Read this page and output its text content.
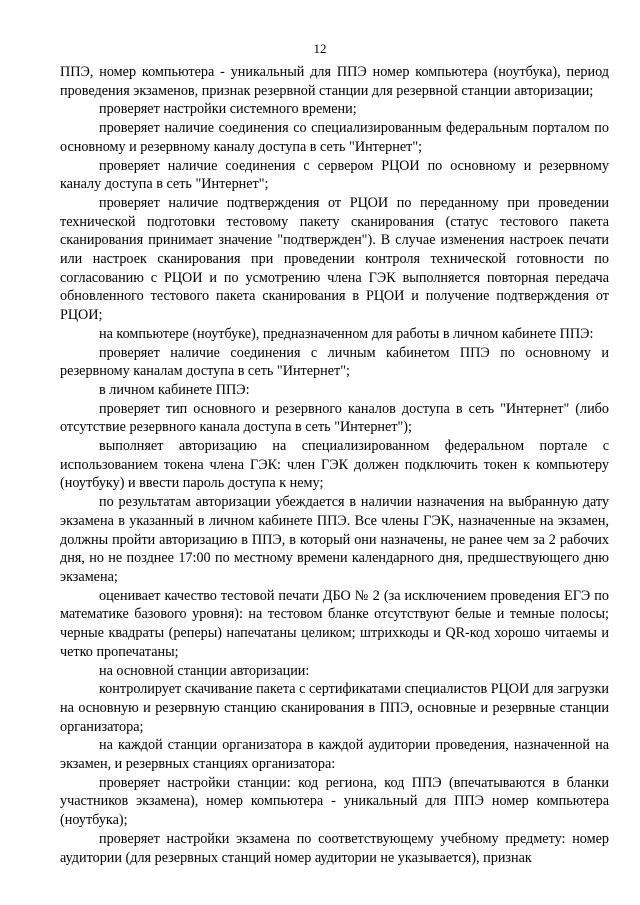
12

ППЭ, номер компьютера - уникальный для ППЭ номер компьютера (ноутбука), период проведения экзаменов, признак резервной станции для резервной станции авторизации;

проверяет настройки системного времени;

проверяет наличие соединения со специализированным федеральным порталом по основному и резервному каналу доступа в сеть "Интернет";

проверяет наличие соединения с сервером РЦОИ по основному и резервному каналу доступа в сеть "Интернет";

проверяет наличие подтверждения от РЦОИ по переданному при проведении технической подготовки тестовому пакету сканирования (статус тестового пакета сканирования принимает значение "подтвержден"). В случае изменения настроек печати или настроек сканирования при проведении контроля технической готовности по согласованию с РЦОИ и по усмотрению члена ГЭК выполняется повторная передача обновленного тестового пакета сканирования в РЦОИ и получение подтверждения от РЦОИ;

на компьютере (ноутбуке), предназначенном для работы в личном кабинете ППЭ:

проверяет наличие соединения с личным кабинетом ППЭ по основному и резервному каналам доступа в сеть "Интернет";

в личном кабинете ППЭ:

проверяет тип основного и резервного каналов доступа в сеть "Интернет" (либо отсутствие резервного канала доступа в сеть "Интернет");

выполняет авторизацию на специализированном федеральном портале с использованием токена члена ГЭК: член ГЭК должен подключить токен к компьютеру (ноутбуку) и ввести пароль доступа к нему;

по результатам авторизации убеждается в наличии назначения на выбранную дату экзамена в указанный в личном кабинете ППЭ. Все члены ГЭК, назначенные на экзамен, должны пройти авторизацию в ППЭ, в который они назначены, не ранее чем за 2 рабочих дня, но не позднее 17:00 по местному времени календарного дня, предшествующего дню экзамена;

оценивает качество тестовой печати ДБО № 2 (за исключением проведения ЕГЭ по математике базового уровня): на тестовом бланке отсутствуют белые и темные полосы; черные квадраты (реперы) напечатаны целиком; штрихкоды и QR-код хорошо читаемы и четко пропечатаны;

на основной станции авторизации:

контролирует скачивание пакета с сертификатами специалистов РЦОИ для загрузки на основную и резервную станцию сканирования в ППЭ, основные и резервные станции организатора;

на каждой станции организатора в каждой аудитории проведения, назначенной на экзамен, и резервных станциях организатора:

проверяет настройки станции: код региона, код ППЭ (впечатываются в бланки участников экзамена), номер компьютера - уникальный для ППЭ номер компьютера (ноутбука);

проверяет настройки экзамена по соответствующему учебному предмету: номер аудитории (для резервных станций номер аудитории не указывается), признак
